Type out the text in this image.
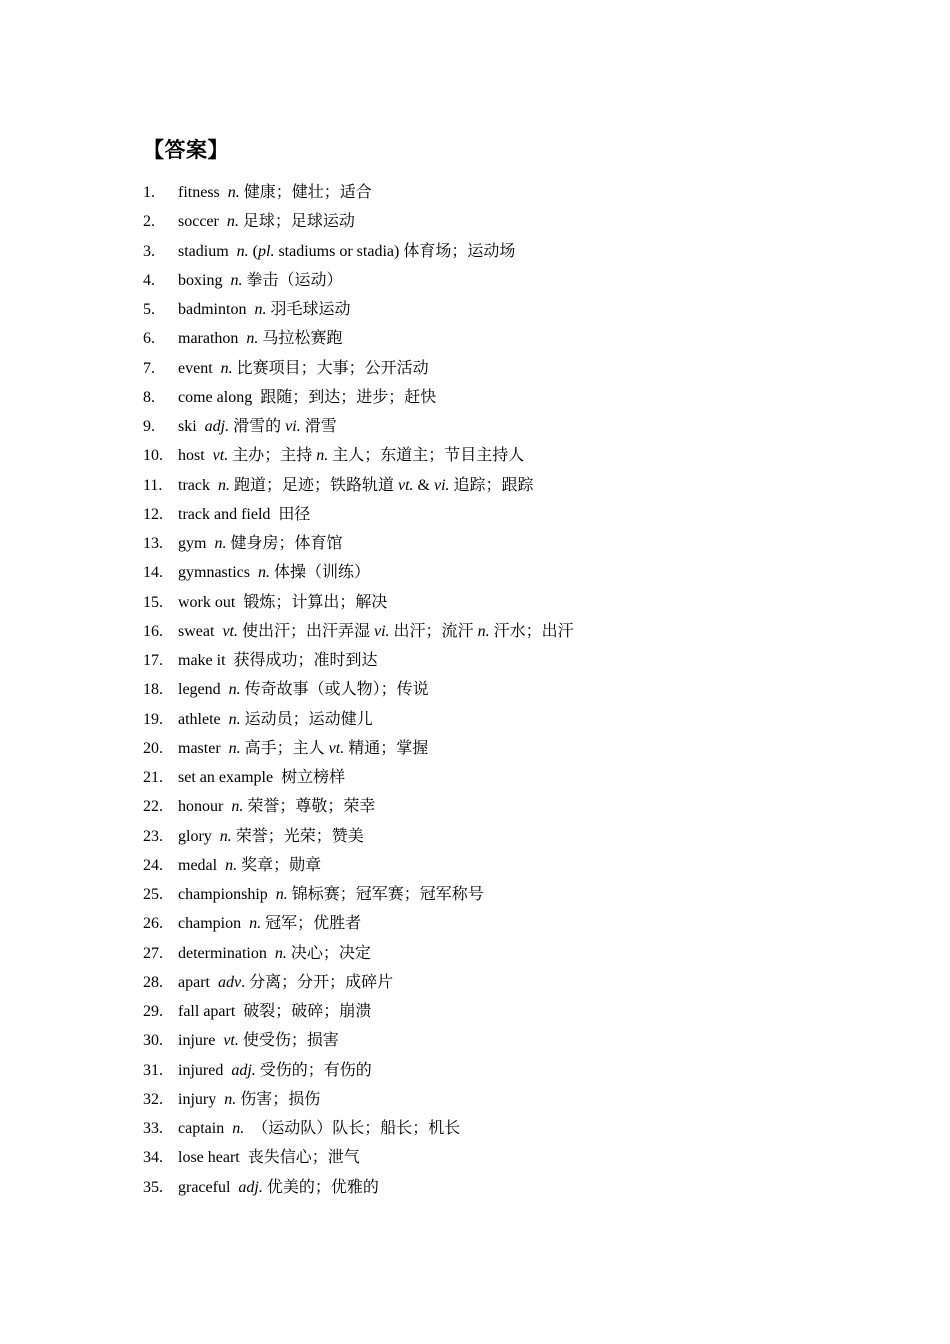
【答案】
1. fitness  n. 健康；健壮；适合
2. soccer  n. 足球；足球运动
3. stadium  n. (pl. stadiums or stadia) 体育场；运动场
4. boxing  n. 拳击（运动）
5. badminton  n. 羽毛球运动
6. marathon  n. 马拉松赛跑
7. event  n. 比赛项目；大事；公开活动
8. come along  跟随；到达；进步；赶快
9. ski  adj. 滑雪的 vi. 滑雪
10. host  vt. 主办；主持 n. 主人；东道主；节目主持人
11. track  n. 跑道；足迹；铁路轨道 vt. & vi. 追踪；跟踪
12. track and field  田径
13. gym  n. 健身房；体育馆
14. gymnastics  n. 体操（训练）
15. work out  锻炼；计算出；解决
16. sweat  vt. 使出汗；出汗弄湿 vi. 出汗；流汗 n. 汗水；出汗
17. make it  获得成功；准时到达
18. legend  n. 传奇故事（或人物）；传说
19. athlete  n. 运动员；运动健儿
20. master  n. 高手；主人 vt. 精通；掌握
21. set an example  树立榜样
22. honour  n. 荣誉；尊敬；荣幸
23. glory  n. 荣誉；光荣；赞美
24. medal  n. 奖章；勋章
25. championship  n. 锦标赛；冠军赛；冠军称号
26. champion  n. 冠军；优胜者
27. determination  n. 决心；决定
28. apart  adv. 分离；分开；成碎片
29. fall apart  破裂；破碎；崩溃
30. injure  vt. 使受伤；损害
31. injured  adj. 受伤的；有伤的
32. injury  n. 伤害；损伤
33. captain  n.  （运动队）队长；船长；机长
34. lose heart  丧失信心；泄气
35. graceful  adj. 优美的；优雅的
